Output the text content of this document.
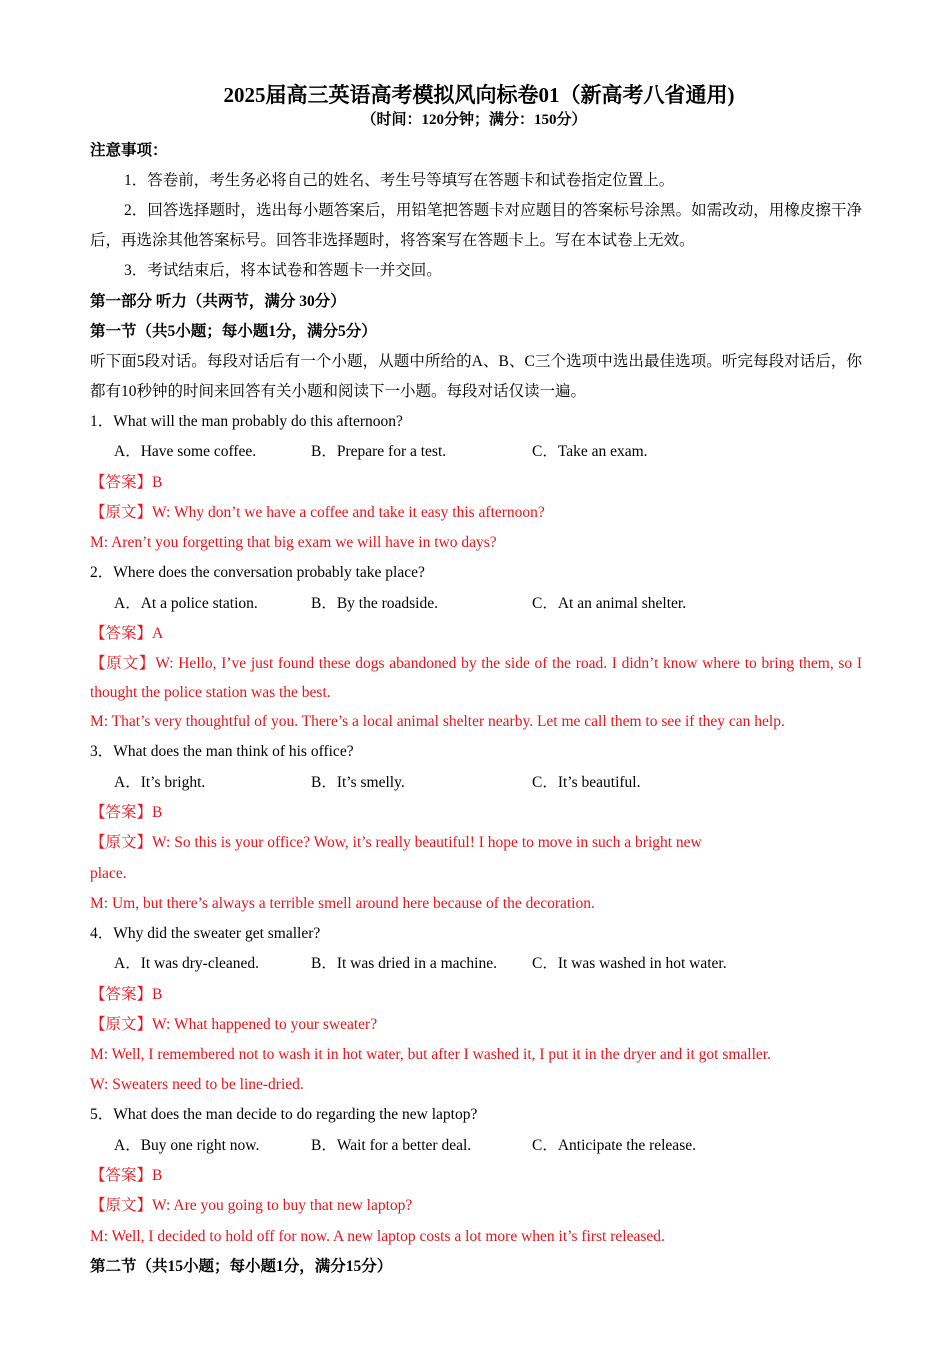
2025届高三英语高考模拟风向标卷01（新高考八省通用)

（时间：120分钟；满分：150分）

注意事项：

1．答卷前，考生务必将自己的姓名、考生号等填写在答题卡和试卷指定位置上。

2．回答选择题时，选出每小题答案后，用铅笔把答题卡对应题目的答案标号涂黑。如需改动，用橡皮擦干净后，再选涂其他答案标号。回答非选择题时，将答案写在答题卡上。写在本试卷上无效。

3．考试结束后，将本试卷和答题卡一并交回。

第一部分 听力（共两节，满分 30分）

第一节（共5小题；每小题1分，满分5分）

听下面5段对话。每段对话后有一个小题，从题中所给的A、B、C三个选项中选出最佳选项。听完每段对话后，你都有10秒钟的时间来回答有关小题和阅读下一小题。每段对话仅读一遍。

1．What will the man probably do this afternoon?

A．Have some coffee.	B．Prepare for a test.	C．Take an exam.

【答案】B

【原文】W: Why don’t we have a coffee and take it easy this afternoon?

M: Aren’t you forgetting that big exam we will have in two days?

2．Where does the conversation probably take place?

A．At a police station.	B．By the roadside.	C．At an animal shelter.

【答案】A

【原文】W: Hello, I’ve just found these dogs abandoned by the side of the road. I didn’t know where to bring them, so I thought the police station was the best.

M: That’s very thoughtful of you. There’s a local animal shelter nearby. Let me call them to see if they can help.

3．What does the man think of his office?

A．It’s bright.	B．It’s smelly.	C．It’s beautiful.

【答案】B

【原文】W: So this is your office? Wow, it’s really beautiful! I hope to move in such a bright new

place.

M: Um, but there’s always a terrible smell around here because of the decoration.

4．Why did the sweater get smaller?

A．It was dry-cleaned.	B．It was dried in a machine.	C．It was washed in hot water.

【答案】B

【原文】W: What happened to your sweater?

M: Well, I remembered not to wash it in hot water, but after I washed it, I put it in the dryer and it got smaller.

W: Sweaters need to be line-dried.

5．What does the man decide to do regarding the new laptop?

A．Buy one right now.	B．Wait for a better deal.	C．Anticipate the release.

【答案】B

【原文】W: Are you going to buy that new laptop?

M: Well, I decided to hold off for now. A new laptop costs a lot more when it’s first released.

第二节（共15小题；每小题1分，满分15分）
